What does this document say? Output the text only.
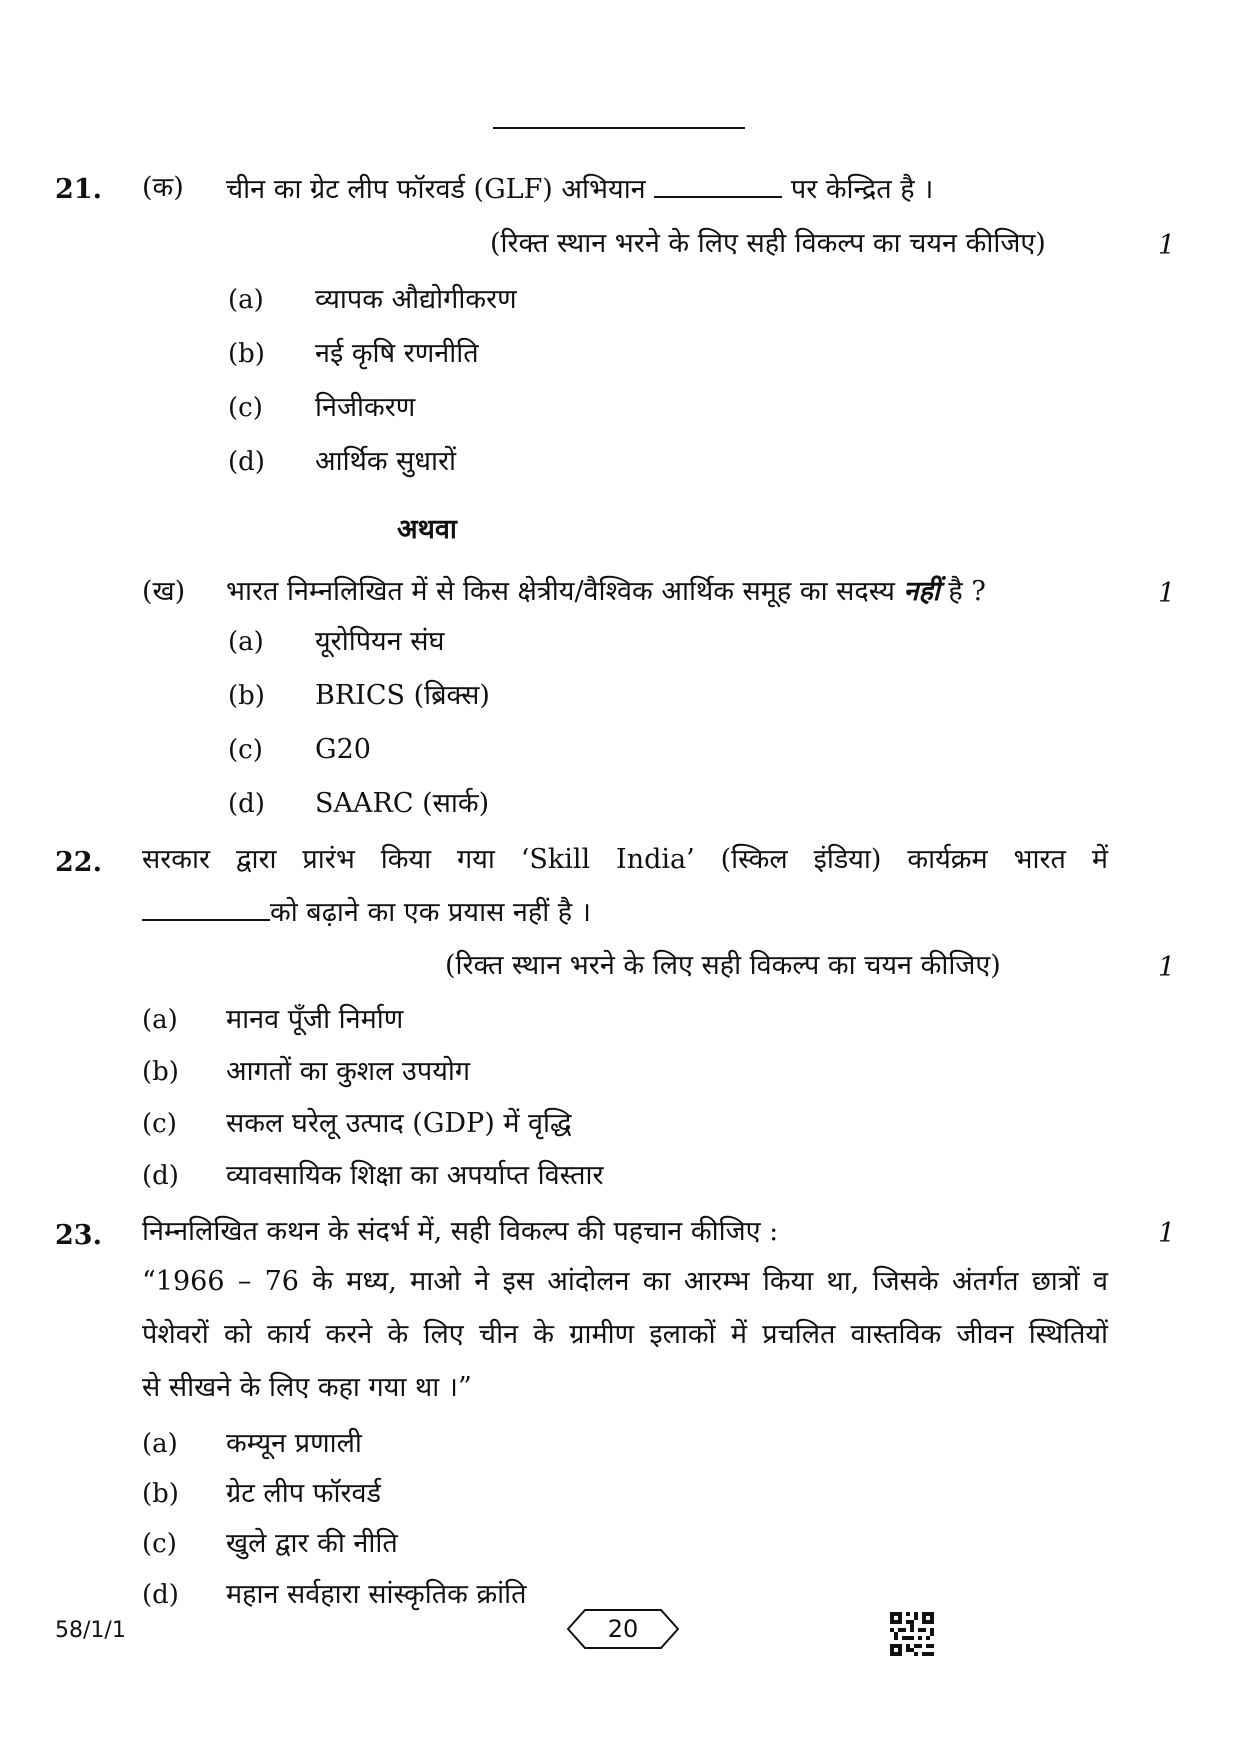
21. (क) चीन का ग्रेट लीप फॉरवर्ड (GLF) अभियान	पर केन्द्रित है ।
(रिक्त स्थान भरने के लिए सही विकल्प का चयन कीजिए)	1
(a) व्यापक औद्योगीकरण
(b) नई कृषि रणनीति
(c) निजीकरण
(d) आर्थिक सुधारों
अथवा
(ख) भारत निम्नलिखित में से किस क्षेत्रीय/वैश्विक आर्थिक समूह का सदस्य नहीं है ?	1
(a) यूरोपियन संघ
(b) BRICS (ब्रिक्स)
(c) G20
(d) SAARC (सार्क)
22. सरकार द्वारा प्रारंभ किया गया ‘Skill India’ (स्किल इंडिया) कार्यक्रम भारत में
को बढ़ाने का एक प्रयास नहीं है ।
(रिक्त स्थान भरने के लिए सही विकल्प का चयन कीजिए)	1
(a) मानव पूँजी निर्माण
(b) आगतों का कुशल उपयोग
(c) सकल घरेलू उत्पाद (GDP) में वृद्धि
(d) व्यावसायिक शिक्षा का अपर्याप्त विस्तार
23. निम्नलिखित कथन के संदर्भ में, सही विकल्प की पहचान कीजिए :	1
“1966 – 76 के मध्य, माओ ने इस आंदोलन का आरम्भ किया था, जिसके अंतर्गत छात्रों व
पेशेवरों को कार्य करने के लिए चीन के ग्रामीण इलाकों में प्रचलित वास्तविक जीवन स्थितियों
से सीखने के लिए कहा गया था ।”
(a) कम्यून प्रणाली
(b) ग्रेट लीप फॉरवर्ड
(c) खुले द्वार की नीति
(d) महान सर्वहारा सांस्कृतिक क्रांति
58/1/1	20
